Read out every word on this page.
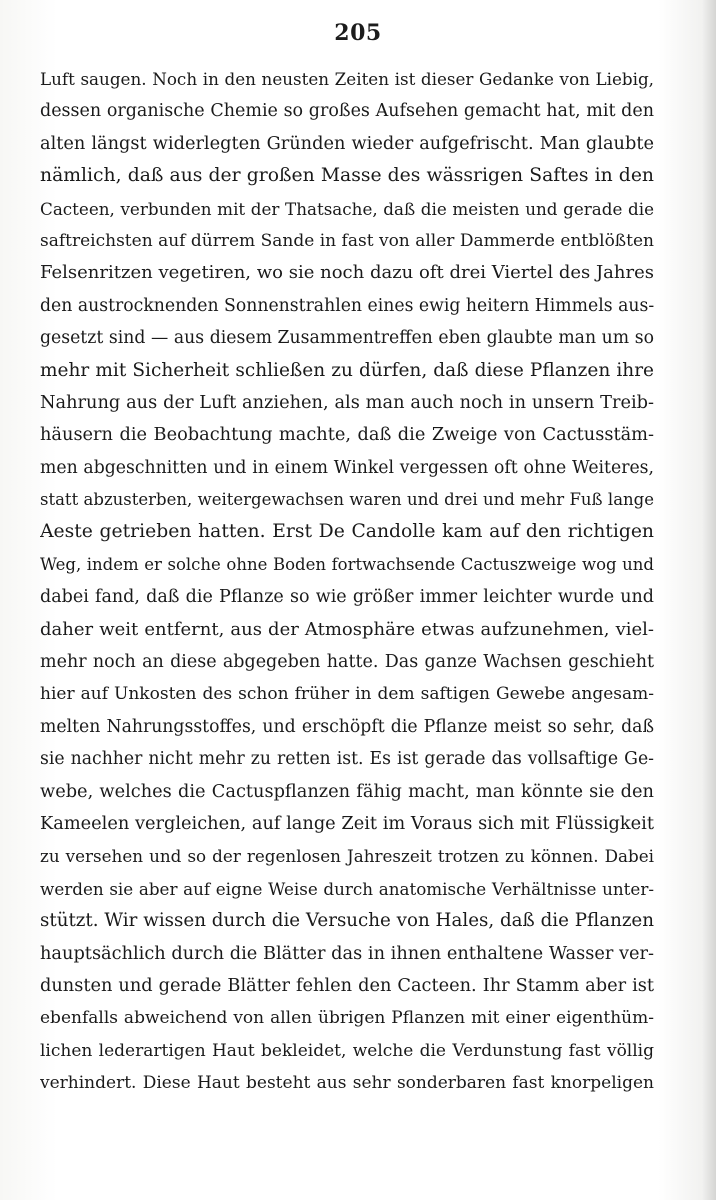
205
Luft saugen. Noch in den neusten Zeiten ist dieser Gedanke von Liebig,
dessen organische Chemie so großes Aufsehen gemacht hat, mit den
alten längst widerlegten Gründen wieder aufgefrischt. Man glaubte
nämlich, daß aus der großen Masse des wässrigen Saftes in den
Cacteen, verbunden mit der Thatsache, daß die meisten und gerade die
saftreichsten auf dürrem Sande in fast von aller Dammerde entblößten
Felsenritzen vegetiren, wo sie noch dazu oft drei Viertel des Jahres
den austrocknenden Sonnenstrahlen eines ewig heitern Himmels aus-
gesetzt sind — aus diesem Zusammentreffen eben glaubte man um so
mehr mit Sicherheit schließen zu dürfen, daß diese Pflanzen ihre
Nahrung aus der Luft anziehen, als man auch noch in unsern Treib-
häusern die Beobachtung machte, daß die Zweige von Cactusstäm-
men abgeschnitten und in einem Winkel vergessen oft ohne Weiteres,
statt abzusterben, weitergewachsen waren und drei und mehr Fuß lange
Aeste getrieben hatten. Erst De Candolle kam auf den richtigen
Weg, indem er solche ohne Boden fortwachsende Cactuszweige wog und
dabei fand, daß die Pflanze so wie größer immer leichter wurde und
daher weit entfernt, aus der Atmosphäre etwas aufzunehmen, viel-
mehr noch an diese abgegeben hatte. Das ganze Wachsen geschieht
hier auf Unkosten des schon früher in dem saftigen Gewebe angesam-
melten Nahrungsstoffes, und erschöpft die Pflanze meist so sehr, daß
sie nachher nicht mehr zu retten ist. Es ist gerade das vollsaftige Ge-
webe, welches die Cactuspflanzen fähig macht, man könnte sie den
Kameelen vergleichen, auf lange Zeit im Voraus sich mit Flüssigkeit
zu versehen und so der regenlosen Jahreszeit trotzen zu können. Dabei
werden sie aber auf eigne Weise durch anatomische Verhältnisse unter-
stützt. Wir wissen durch die Versuche von Hales, daß die Pflanzen
hauptsächlich durch die Blätter das in ihnen enthaltene Wasser ver-
dunsten und gerade Blätter fehlen den Cacteen. Ihr Stamm aber ist
ebenfalls abweichend von allen übrigen Pflanzen mit einer eigenthüm-
lichen lederartigen Haut bekleidet, welche die Verdunstung fast völlig
verhindert. Diese Haut besteht aus sehr sonderbaren fast knorpeligen
